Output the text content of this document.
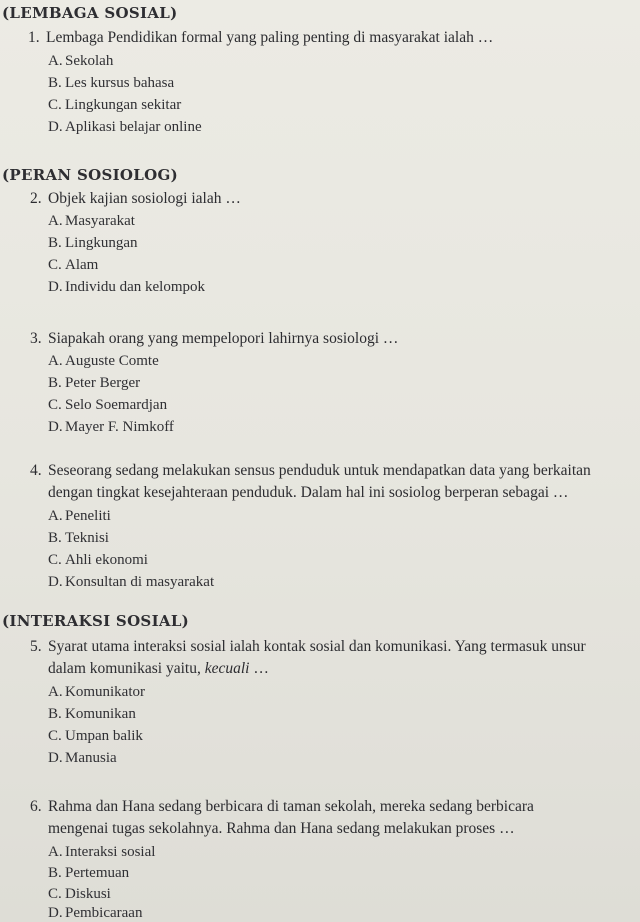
(LEMBAGA SOSIAL)
1. Lembaga Pendidikan formal yang paling penting di masyarakat ialah …
A. Sekolah
B. Les kursus bahasa
C. Lingkungan sekitar
D. Aplikasi belajar online
(PERAN SOSIOLOG)
2. Objek kajian sosiologi ialah …
A. Masyarakat
B. Lingkungan
C. Alam
D. Individu dan kelompok
3. Siapakah orang yang mempelopori lahirnya sosiologi …
A. Auguste Comte
B. Peter Berger
C. Selo Soemardjan
D. Mayer F. Nimkoff
4. Seseorang sedang melakukan sensus penduduk untuk mendapatkan data yang berkaitan
dengan tingkat kesejahteraan penduduk. Dalam hal ini sosiolog berperan sebagai …
A. Peneliti
B. Teknisi
C. Ahli ekonomi
D. Konsultan di masyarakat
(INTERAKSI SOSIAL)
5. Syarat utama interaksi sosial ialah kontak sosial dan komunikasi. Yang termasuk unsur
dalam komunikasi yaitu, kecuali …
A. Komunikator
B. Komunikan
C. Umpan balik
D. Manusia
6. Rahma dan Hana sedang berbicara di taman sekolah, mereka sedang berbicara
mengenai tugas sekolahnya. Rahma dan Hana sedang melakukan proses …
A. Interaksi sosial
B. Pertemuan
C. Diskusi
D. Pembicaraan
